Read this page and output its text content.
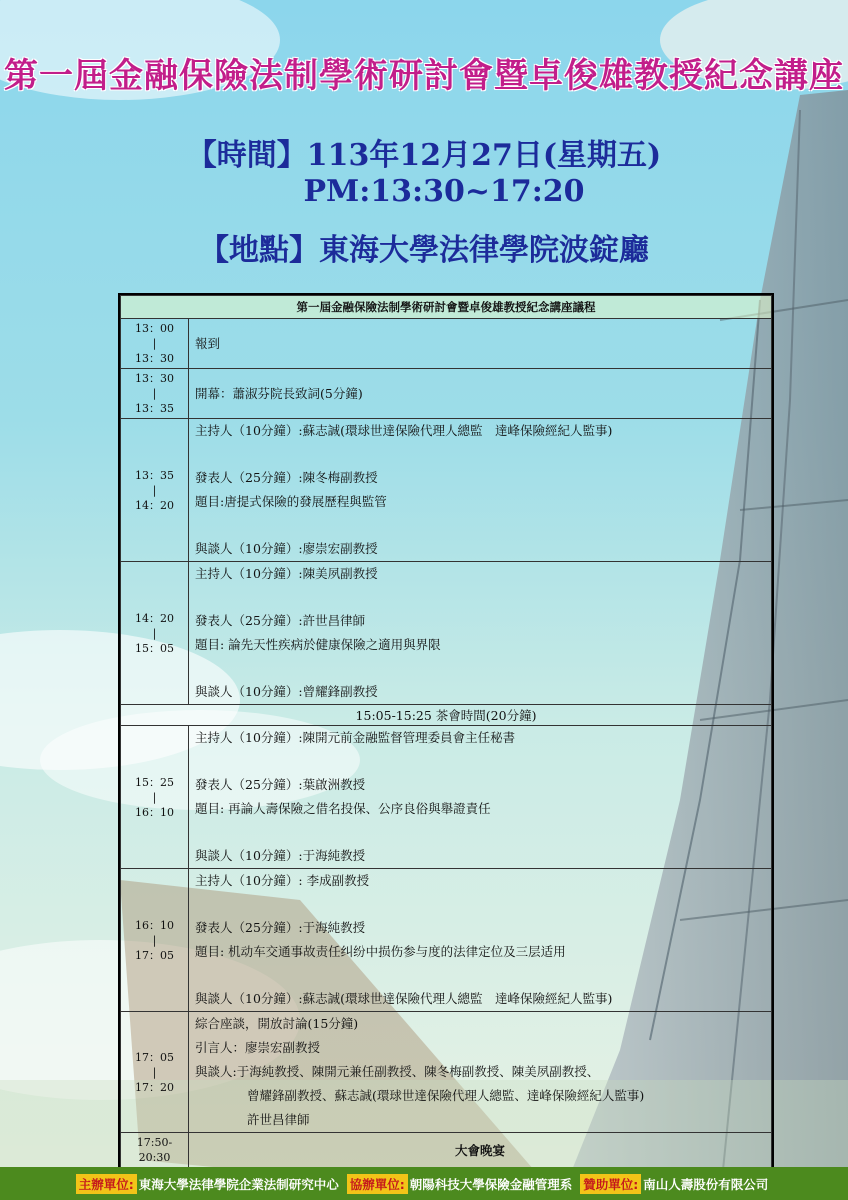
第一屆金融保險法制學術研討會暨卓俊雄教授紀念講座
【時間】113年12月27日(星期五)
PM:13:30~17:20
【地點】東海大學法律學院波錠廳
第一屆金融保險法制學術研討會暨卓俊雄教授紀念講座議程	

13：00
|
13：30	報到

13：30
|
13：35	開幕：蕭淑芬院長致詞(5分鐘)

13：35
|
14：20	主持人（10分鐘）:蘇志誠(環球世達保險代理人總監　達峰保險經紀人監事)
發表人（25分鐘）:陳冬梅副教授
題目:唐提式保險的發展歷程與監管
與談人（10分鐘）:廖崇宏副教授

14：20
|
15：05	主持人（10分鐘）:陳美夙副教授
發表人（25分鐘）:許世昌律師
題目: 論先天性疾病於健康保險之適用與界限
與談人（10分鐘）:曾耀鋒副教授

15:05-15:25 茶會時間(20分鐘)	

15：25
|
16：10	主持人（10分鐘）:陳開元前金融監督管理委員會主任秘書
發表人（25分鐘）:葉啟洲教授
題目: 再論人壽保險之借名投保、公序良俗與舉證責任
與談人（10分鐘）:于海純教授

16：10
|
17：05	主持人（10分鐘）: 李成副教授
發表人（25分鐘）:于海純教授
題目: 机动车交通事故责任纠纷中损伤参与度的法律定位及三层适用
與談人（10分鐘）:蘇志誠(環球世達保險代理人總監　達峰保險經紀人監事)

17：05
|
17：20	綜合座談，開放討論(15分鐘)
引言人：廖崇宏副教授
與談人:于海純教授、陳開元兼任副教授、陳冬梅副教授、陳美夙副教授、
曾耀鋒副教授、蘇志誠(環球世達保險代理人總監、達峰保險經紀人監事)
許世昌律師

17:50-20:30	大會晚宴
主辦單位: 東海大學法律學院企業法制研究中心 協辦單位: 朝陽科技大學保險金融管理系 贊助單位: 南山人壽股份有限公司
